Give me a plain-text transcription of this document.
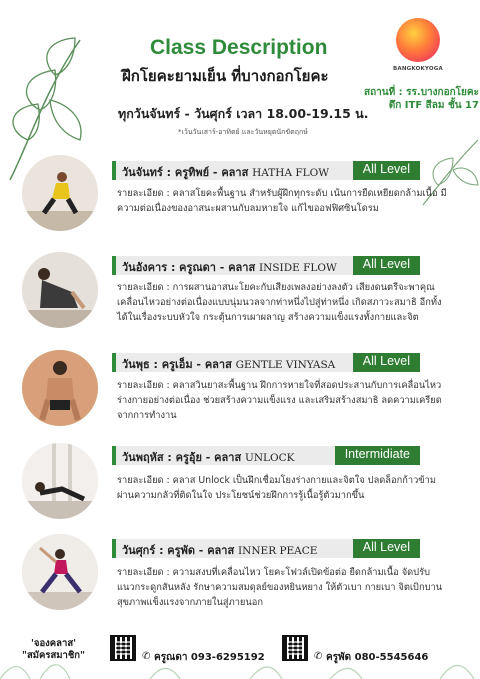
Class Description
ฝึกโยคะยามเย็น ที่บางกอกโยคะ
ทุกวันจันทร์ - วันศุกร์ เวลา 18.00-19.15 น.
*เว้นวันเสาร์-อาทิตย์ และวันหยุดนักขัตฤกษ์
BANGKOKYOGA
สถานที่ : รร.บางกอกโยคะ
ตึก ITF สีลม ชั้น 17
วันจันทร์ : ครูทิพย์ - คลาส HATHA FLOW	All Level
รายละเอียด : คลาสโยคะพื้นฐาน สำหรับผู้ฝึกทุกระดับ เน้นการยืดเหยียดกล้ามเนื้อ มีความต่อเนื่องของอาสนะผสานกับลมหายใจ แก้ไขออฟฟิศซินโดรม
วันอังคาร : ครูณดา - คลาส INSIDE FLOW	All Level
รายละเอียด : การผสานอาสนะโยคะกับเสียงเพลงอย่างลงตัว เสียงดนตรีจะพาคุณเคลื่อนไหวอย่างต่อเนื่องแบบนุ่มนวลจากท่าหนึ่งไปสู่ท่าหนึ่ง เกิดสภาวะสมาธิ อีกทั้งได้ในเรื่องระบบหัวใจ กระตุ้นการเผาผลาญ สร้างความแข็งแรงทั้งกายและจิต
วันพุธ : ครูเอ็ม - คลาส GENTLE VINYASA	All Level
รายละเอียด : คลาสวินยาสะพื้นฐาน ฝึกการหายใจที่สอดประสานกับการเคลื่อนไหวร่างกายอย่างต่อเนื่อง ช่วยสร้างความแข็งแรง และเสริมสร้างสมาธิ ลดความเครียดจากการทำงาน
วันพฤหัส : ครูอุ้ย - คลาส UNLOCK	Intermidiate
รายละเอียด : คลาส Unlock เป็นฝึกเชื่อมโยงร่างกายและจิตใจ ปลดล็อกก้าวข้ามผ่านความกลัวที่ติดในใจ ประโยชน์ช่วยฝึกการรู้เนื้อรู้ตัวมากขึ้น
วันศุกร์ : ครูพัด - คลาส INNER PEACE	All Level
รายละเอียด : ความสงบที่เคลื่อนไหว โยคะโฟวล์เปิดข้อต่อ ยืดกล้ามเนื้อ จัดปรับแนวกระดูกสันหลัง รักษาความสมดุลย์ของหยินหยาง ให้ตัวเบา กายเบา จิตเบิกบาน สุขภาพแข็งแรงจากภายในสู่ภายนอก
'จองคลาส'
"สมัครสมาชิก"	✆ ครูณดา 093-6295192	✆ ครูพัด 080-5545646
